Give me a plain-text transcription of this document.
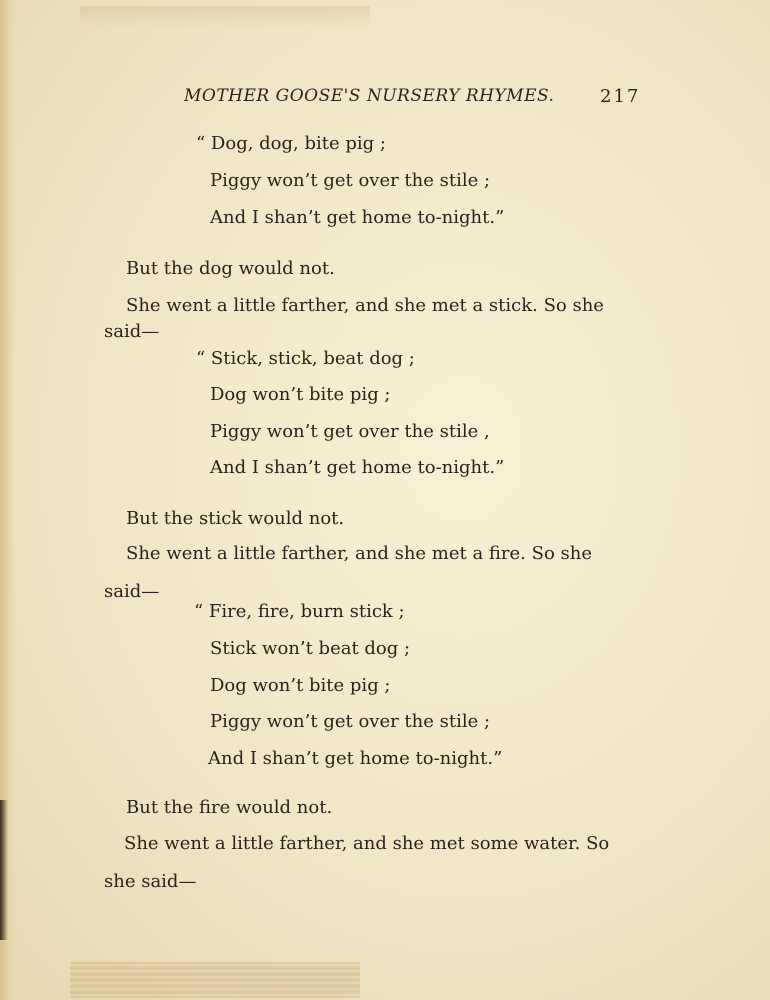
MOTHER GOOSE'S NURSERY RHYMES.	217
“ Dog, dog, bite pig ;
Piggy won’t get over the stile ;
And I shan’t get home to-night.”
But the dog would not.
She went a little farther, and she met a stick. So she
said—
“ Stick, stick, beat dog ;
Dog won’t bite pig ;
Piggy won’t get over the stile ,
And I shan’t get home to-night.”
But the stick would not.
She went a little farther, and she met a fire. So she
said—
“ Fire, fire, burn stick ;
Stick won’t beat dog ;
Dog won’t bite pig ;
Piggy won’t get over the stile ;
And I shan’t get home to-night.”
But the fire would not.
She went a little farther, and she met some water. So
she said—
